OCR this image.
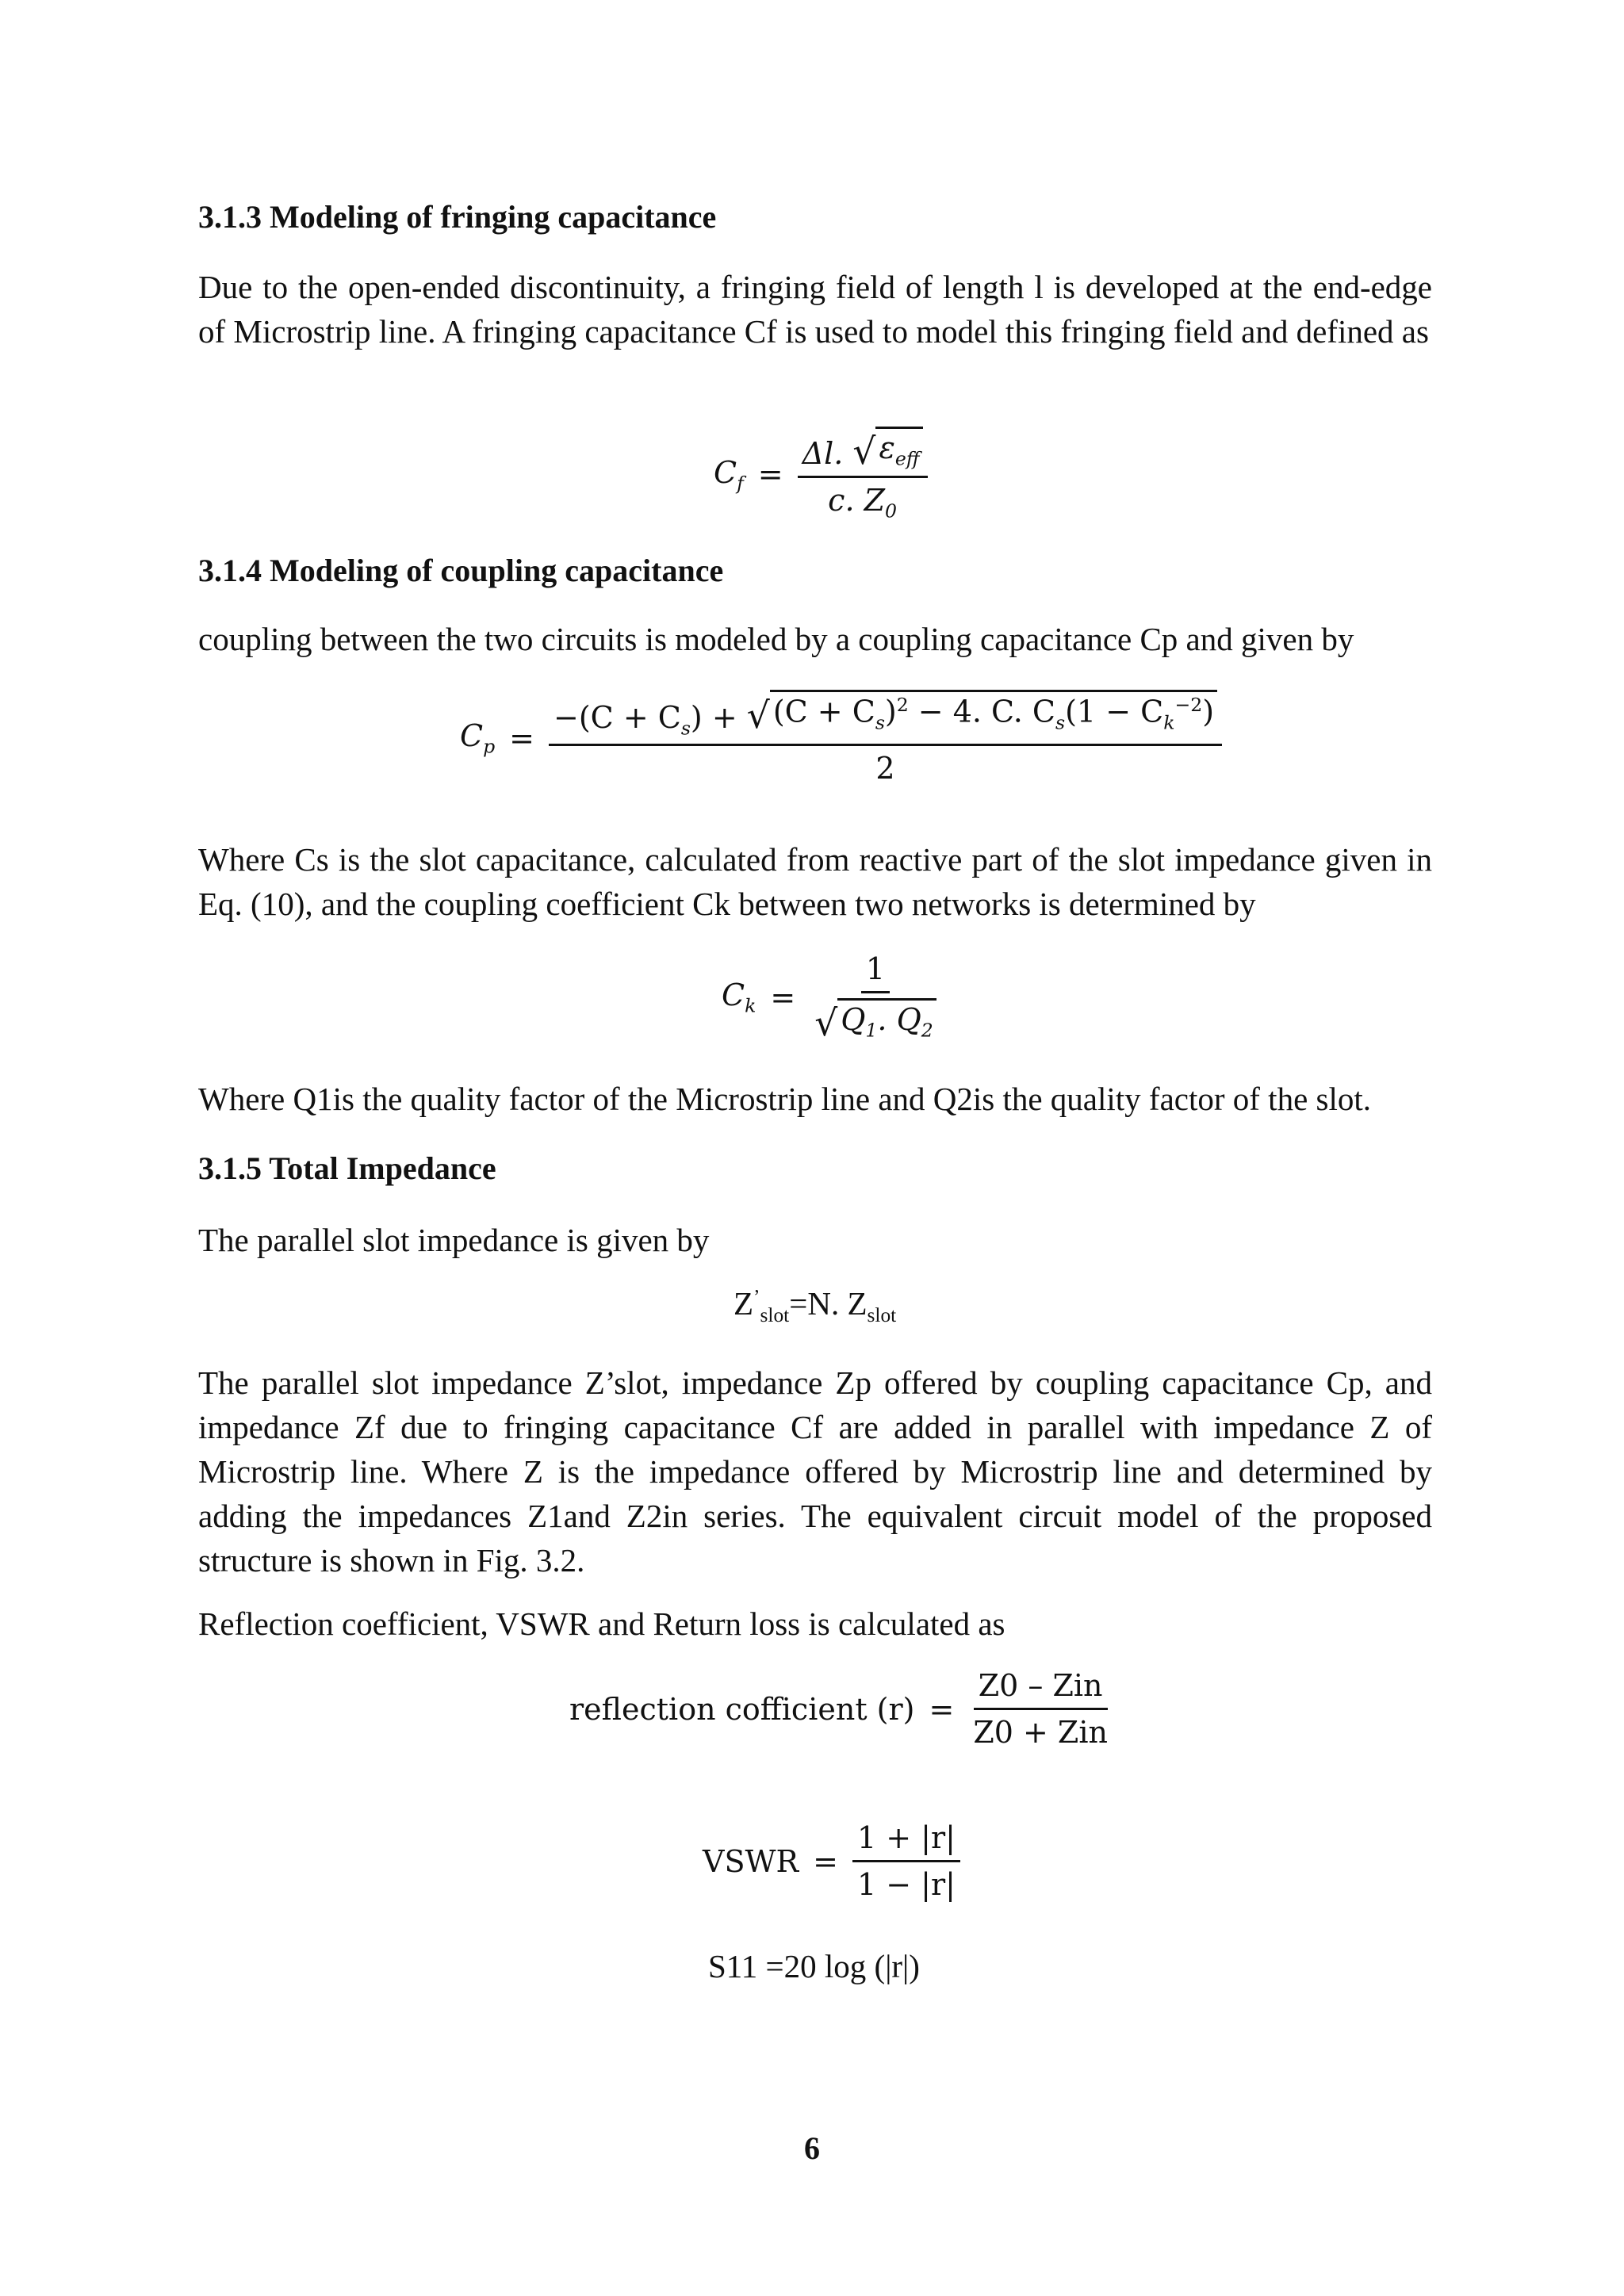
3.1.3 Modeling of fringing capacitance
Due to the open-ended discontinuity, a fringing field of length l is developed at the end-edge of Microstrip line. A fringing capacitance Cf is used to model this fringing field and defined as
$C_f = \frac{\Delta l. √ \varepsilon_{eff}}{c. Z_0}$
3.1.4 Modeling of coupling capacitance
coupling between the two circuits is modeled by a coupling capacitance Cp and given by
$C_p = \frac{-(C + C_s) + √ (C + C_s)^2 - 4. C. C_s(1 - C_k^{-2})}{2}$
Where Cs is the slot capacitance, calculated from reactive part of the slot impedance given in Eq. (10), and the coupling coefficient Ck between two networks is determined by
$C_k = \frac{1}{√ Q_1. Q_2}$
Where Q1is the quality factor of the Microstrip line and Q2is the quality factor of the slot.
3.1.5 Total Impedance
The parallel slot impedance is given by
$Z^’_{slot}=N$. $Z_{slot}$
The parallel slot impedance Z’slot, impedance Zp offered by coupling capacitance Cp, and impedance Zf due to fringing capacitance Cf are added in parallel with impedance Z of Microstrip line. Where Z is the impedance offered by Microstrip line and determined by adding the impedances Z1and Z2in series. The equivalent circuit model of the proposed structure is shown in Fig. 3.2.
Reflection coefficient, VSWR and Return loss is calculated as
reflection cofficient $(r) = \frac{\text{Z0 – Zin}}{\text{Z0 + Zin}}$
VSWR = $\frac{1 + |r|}{1 - |r|}$
S11 =20 log (|r|)
6
